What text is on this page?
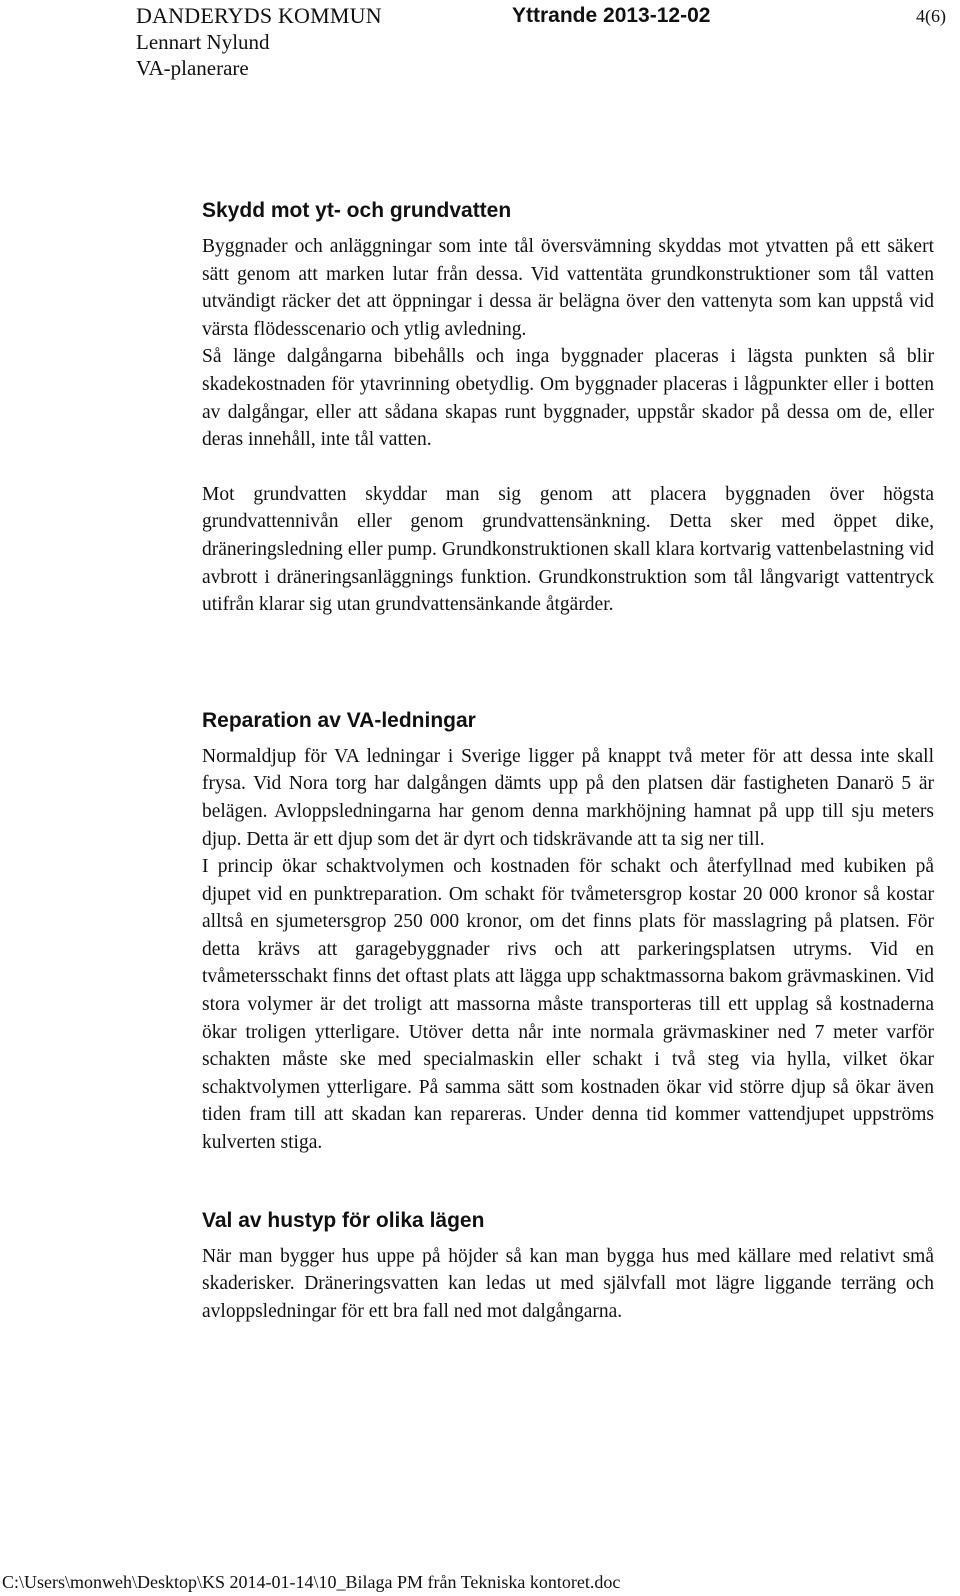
DANDERYDS KOMMUN
Lennart Nylund
VA-planerare
Yttrande 2013-12-02	4(6)
Skydd mot yt- och grundvatten

Byggnader och anläggningar som inte tål översvämning skyddas mot ytvatten på ett säkert sätt genom att marken lutar från dessa. Vid vattentäta grundkonstruktioner som tål vatten utvändigt räcker det att öppningar i dessa är belägna över den vattenyta som kan uppstå vid värsta flödesscenario och ytlig avledning.

Så länge dalgångarna bibehålls och inga byggnader placeras i lägsta punkten så blir skadekostnaden för ytavrinning obetydlig. Om byggnader placeras i lågpunkter eller i botten av dalgångar, eller att sådana skapas runt byggnader, uppstår skador på dessa om de, eller deras innehåll, inte tål vatten.

Mot grundvatten skyddar man sig genom att placera byggnaden över högsta grundvattennivån eller genom grundvattensänkning. Detta sker med öppet dike, dräneringsledning eller pump. Grundkonstruktionen skall klara kortvarig vattenbelastning vid avbrott i dräneringsanläggnings funktion. Grundkonstruktion som tål långvarigt vattentryck utifrån klarar sig utan grundvattensänkande åtgärder.

Reparation av VA-ledningar

Normaldjup för VA ledningar i Sverige ligger på knappt två meter för att dessa inte skall frysa. Vid Nora torg har dalgången dämts upp på den platsen där fastigheten Danarö 5 är belägen. Avloppsledningarna har genom denna markhöjning hamnat på upp till sju meters djup. Detta är ett djup som det är dyrt och tidskrävande att ta sig ner till.

I princip ökar schaktvolymen och kostnaden för schakt och återfyllnad med kubiken på djupet vid en punktreparation. Om schakt för tvåmetersgrop kostar 20 000 kronor så kostar alltså en sjumetersgrop 250 000 kronor, om det finns plats för masslagring på platsen. För detta krävs att garagebyggnader rivs och att parkeringsplatsen utryms. Vid en tvåmetersschakt finns det oftast plats att lägga upp schaktmassorna bakom grävmaskinen. Vid stora volymer är det troligt att massorna måste transporteras till ett upplag så kostnaderna ökar troligen ytterligare. Utöver detta når inte normala grävmaskiner ned 7 meter varför schakten måste ske med specialmaskin eller schakt i två steg via hylla, vilket ökar schaktvolymen ytterligare. På samma sätt som kostnaden ökar vid större djup så ökar även tiden fram till att skadan kan repareras. Under denna tid kommer vattendjupet uppströms kulverten stiga.

Val av hustyp för olika lägen

När man bygger hus uppe på höjder så kan man bygga hus med källare med relativt små skaderisker. Dräneringsvatten kan ledas ut med självfall mot lägre liggande terräng och avloppsledningar för ett bra fall ned mot dalgångarna.

C:\Users\monweh\Desktop\KS 2014-01-14\10_Bilaga PM från Tekniska kontoret.doc
